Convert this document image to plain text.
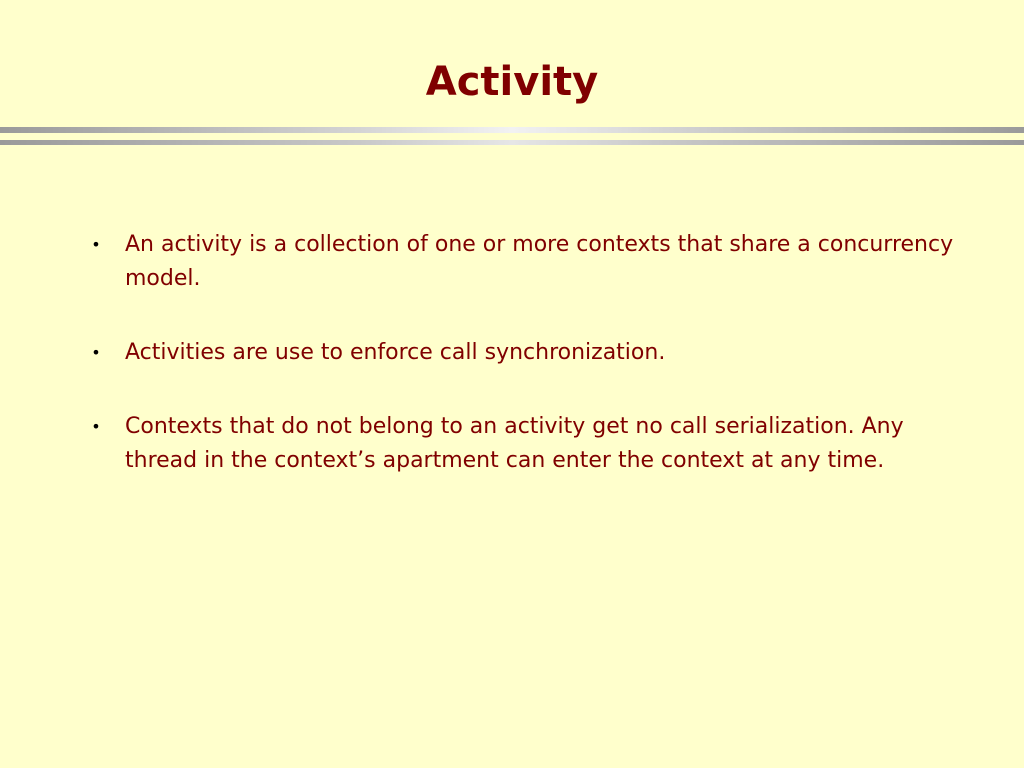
Activity
• An activity is a collection of one or more contexts that share a concurrency model.
• Activities are use to enforce call synchronization.
• Contexts that do not belong to an activity get no call serialization. Any thread in the context’s apartment can enter the context at any time.
